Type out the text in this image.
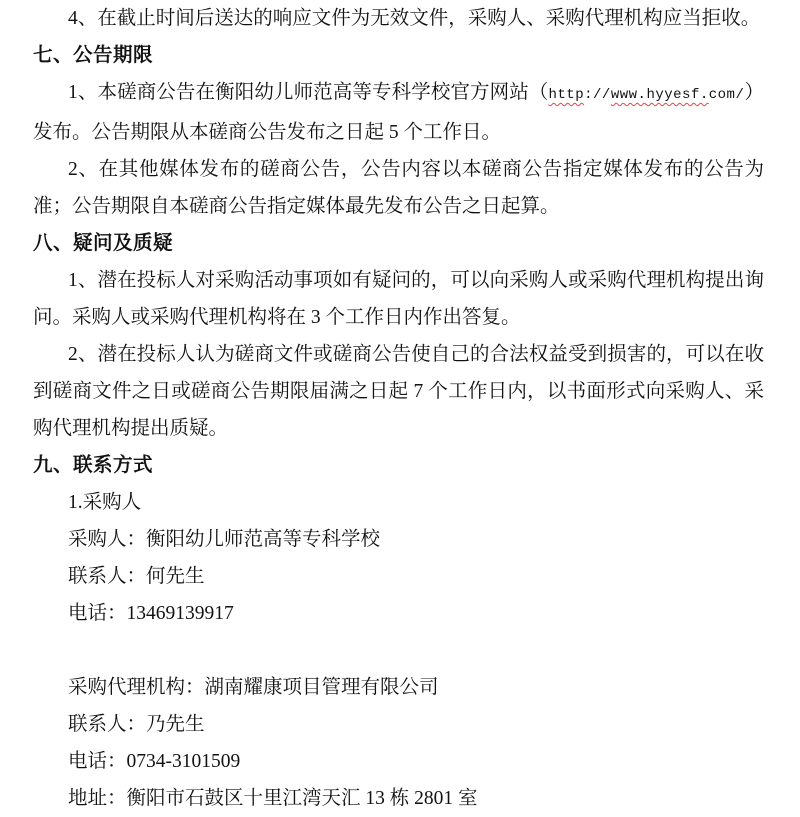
4、在截止时间后送达的响应文件为无效文件，采购人、采购代理机构应当拒收。

七、公告期限

1、本磋商公告在衡阳幼儿师范高等专科学校官方网站（http://www.hyyesf.com/）发布。公告期限从本磋商公告发布之日起 5 个工作日。

2、在其他媒体发布的磋商公告，公告内容以本磋商公告指定媒体发布的公告为准；公告期限自本磋商公告指定媒体最先发布公告之日起算。

八、疑问及质疑

1、潜在投标人对采购活动事项如有疑问的，可以向采购人或采购代理机构提出询问。采购人或采购代理机构将在 3 个工作日内作出答复。

2、潜在投标人认为磋商文件或磋商公告使自己的合法权益受到损害的，可以在收到磋商文件之日或磋商公告期限届满之日起 7 个工作日内，以书面形式向采购人、采购代理机构提出质疑。

九、联系方式

1.采购人

采购人：衡阳幼儿师范高等专科学校

联系人：何先生

电话：13469139917

采购代理机构：湖南耀康项目管理有限公司

联系人：乃先生

电话：0734-3101509

地址：衡阳市石鼓区十里江湾天汇 13 栋 2801 室
